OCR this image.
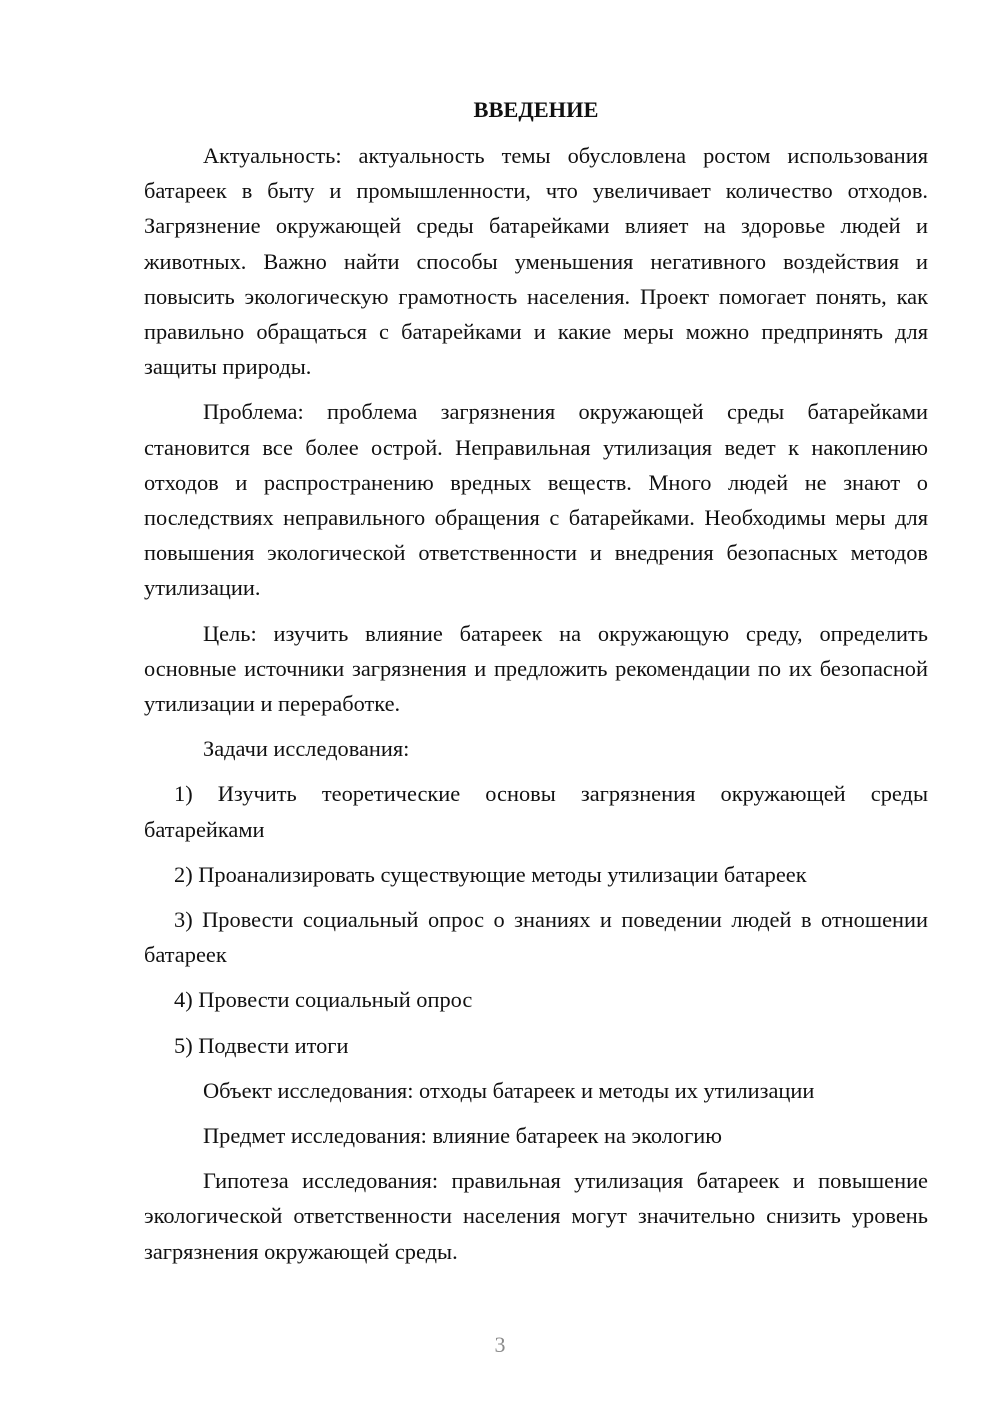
ВВЕДЕНИЕ

Актуальность: актуальность темы обусловлена ростом использования батареек в быту и промышленности, что увеличивает количество отходов. Загрязнение окружающей среды батарейками влияет на здоровье людей и животных. Важно найти способы уменьшения негативного воздействия и повысить экологическую грамотность населения. Проект помогает понять, как правильно обращаться с батарейками и какие меры можно предпринять для защиты природы.

Проблема: проблема загрязнения окружающей среды батарейками становится все более острой. Неправильная утилизация ведет к накоплению отходов и распространению вредных веществ. Много людей не знают о последствиях неправильного обращения с батарейками. Необходимы меры для повышения экологической ответственности и внедрения безопасных методов утилизации.

Цель: изучить влияние батареек на окружающую среду, определить основные источники загрязнения и предложить рекомендации по их безопасной утилизации и переработке.

Задачи исследования:

1) Изучить теоретические основы загрязнения окружающей среды батарейками

2) Проанализировать существующие методы утилизации батареек

3) Провести социальный опрос о знаниях и поведении людей в отношении батареек

4) Провести социальный опрос

5) Подвести итоги

Объект исследования: отходы батареек и методы их утилизации

Предмет исследования: влияние батареек на экологию

Гипотеза исследования: правильная утилизация батареек и повышение экологической ответственности населения могут значительно снизить уровень загрязнения окружающей среды.

3
